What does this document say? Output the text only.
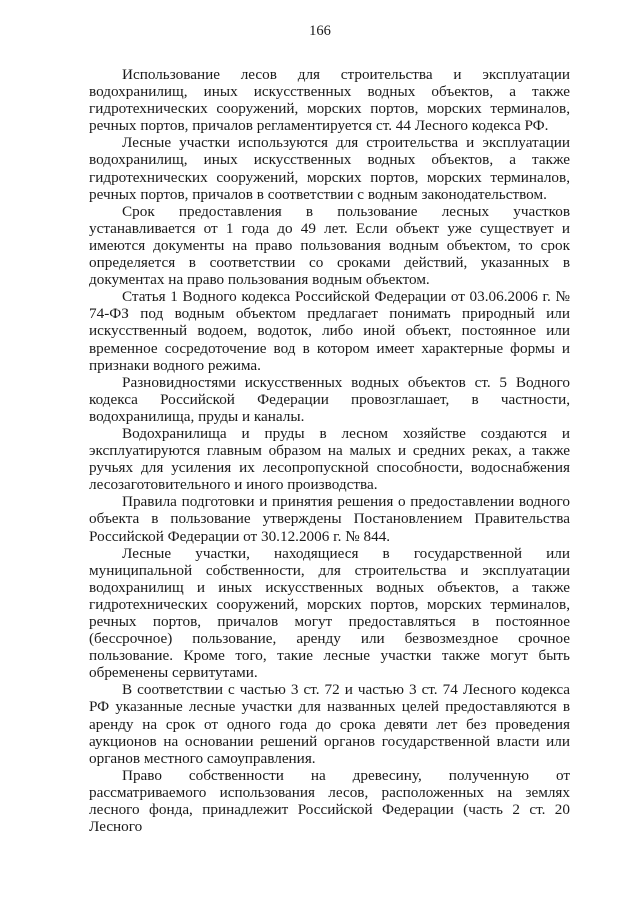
166

Использование лесов для строительства и эксплуатации водохранилищ, иных искусственных водных объектов, а также гидротехнических сооружений, морских портов, морских терминалов, речных портов, причалов регламентируется ст. 44 Лесного кодекса РФ.

Лесные участки используются для строительства и эксплуатации водохранилищ, иных искусственных водных объектов, а также гидротехнических сооружений, морских портов, морских терминалов, речных портов, причалов в соответствии с водным законодательством.

Срок предоставления в пользование лесных участков устанавливается от 1 года до 49 лет. Если объект уже существует и имеются документы на право пользования водным объектом, то срок определяется в соответствии со сроками действий, указанных в документах на право пользования водным объектом.

Статья 1 Водного кодекса Российской Федерации от 03.06.2006 г. № 74-ФЗ под водным объектом предлагает понимать природный или искусственный водоем, водоток, либо иной объект, постоянное или временное сосредоточение вод в котором имеет характерные формы и признаки водного режима.

Разновидностями искусственных водных объектов ст. 5 Водного кодекса Российской Федерации провозглашает, в частности, водохранилища, пруды и каналы.

Водохранилища и пруды в лесном хозяйстве создаются и эксплуатируются главным образом на малых и средних реках, а также ручьях для усиления их лесопропускной способности, водоснабжения лесозаготовительного и иного производства.

Правила подготовки и принятия решения о предоставлении водного объекта в пользование утверждены Постановлением Правительства Российской Федерации от 30.12.2006 г. № 844.

Лесные участки, находящиеся в государственной или муниципальной собственности, для строительства и эксплуатации водохранилищ и иных искусственных водных объектов, а также гидротехнических сооружений, морских портов, морских терминалов, речных портов, причалов могут предоставляться в постоянное (бессрочное) пользование, аренду или безвозмездное срочное пользование. Кроме того, такие лесные участки также могут быть обременены сервитутами.

В соответствии с частью 3 ст. 72 и частью 3 ст. 74 Лесного кодекса РФ указанные лесные участки для названных целей предоставляются в аренду на срок от одного года до срока девяти лет без проведения аукционов на основании решений органов государственной власти или органов местного самоуправления.

Право собственности на древесину, полученную от рассматриваемого использования лесов, расположенных на землях лесного фонда, принадлежит Российской Федерации (часть 2 ст. 20 Лесного
